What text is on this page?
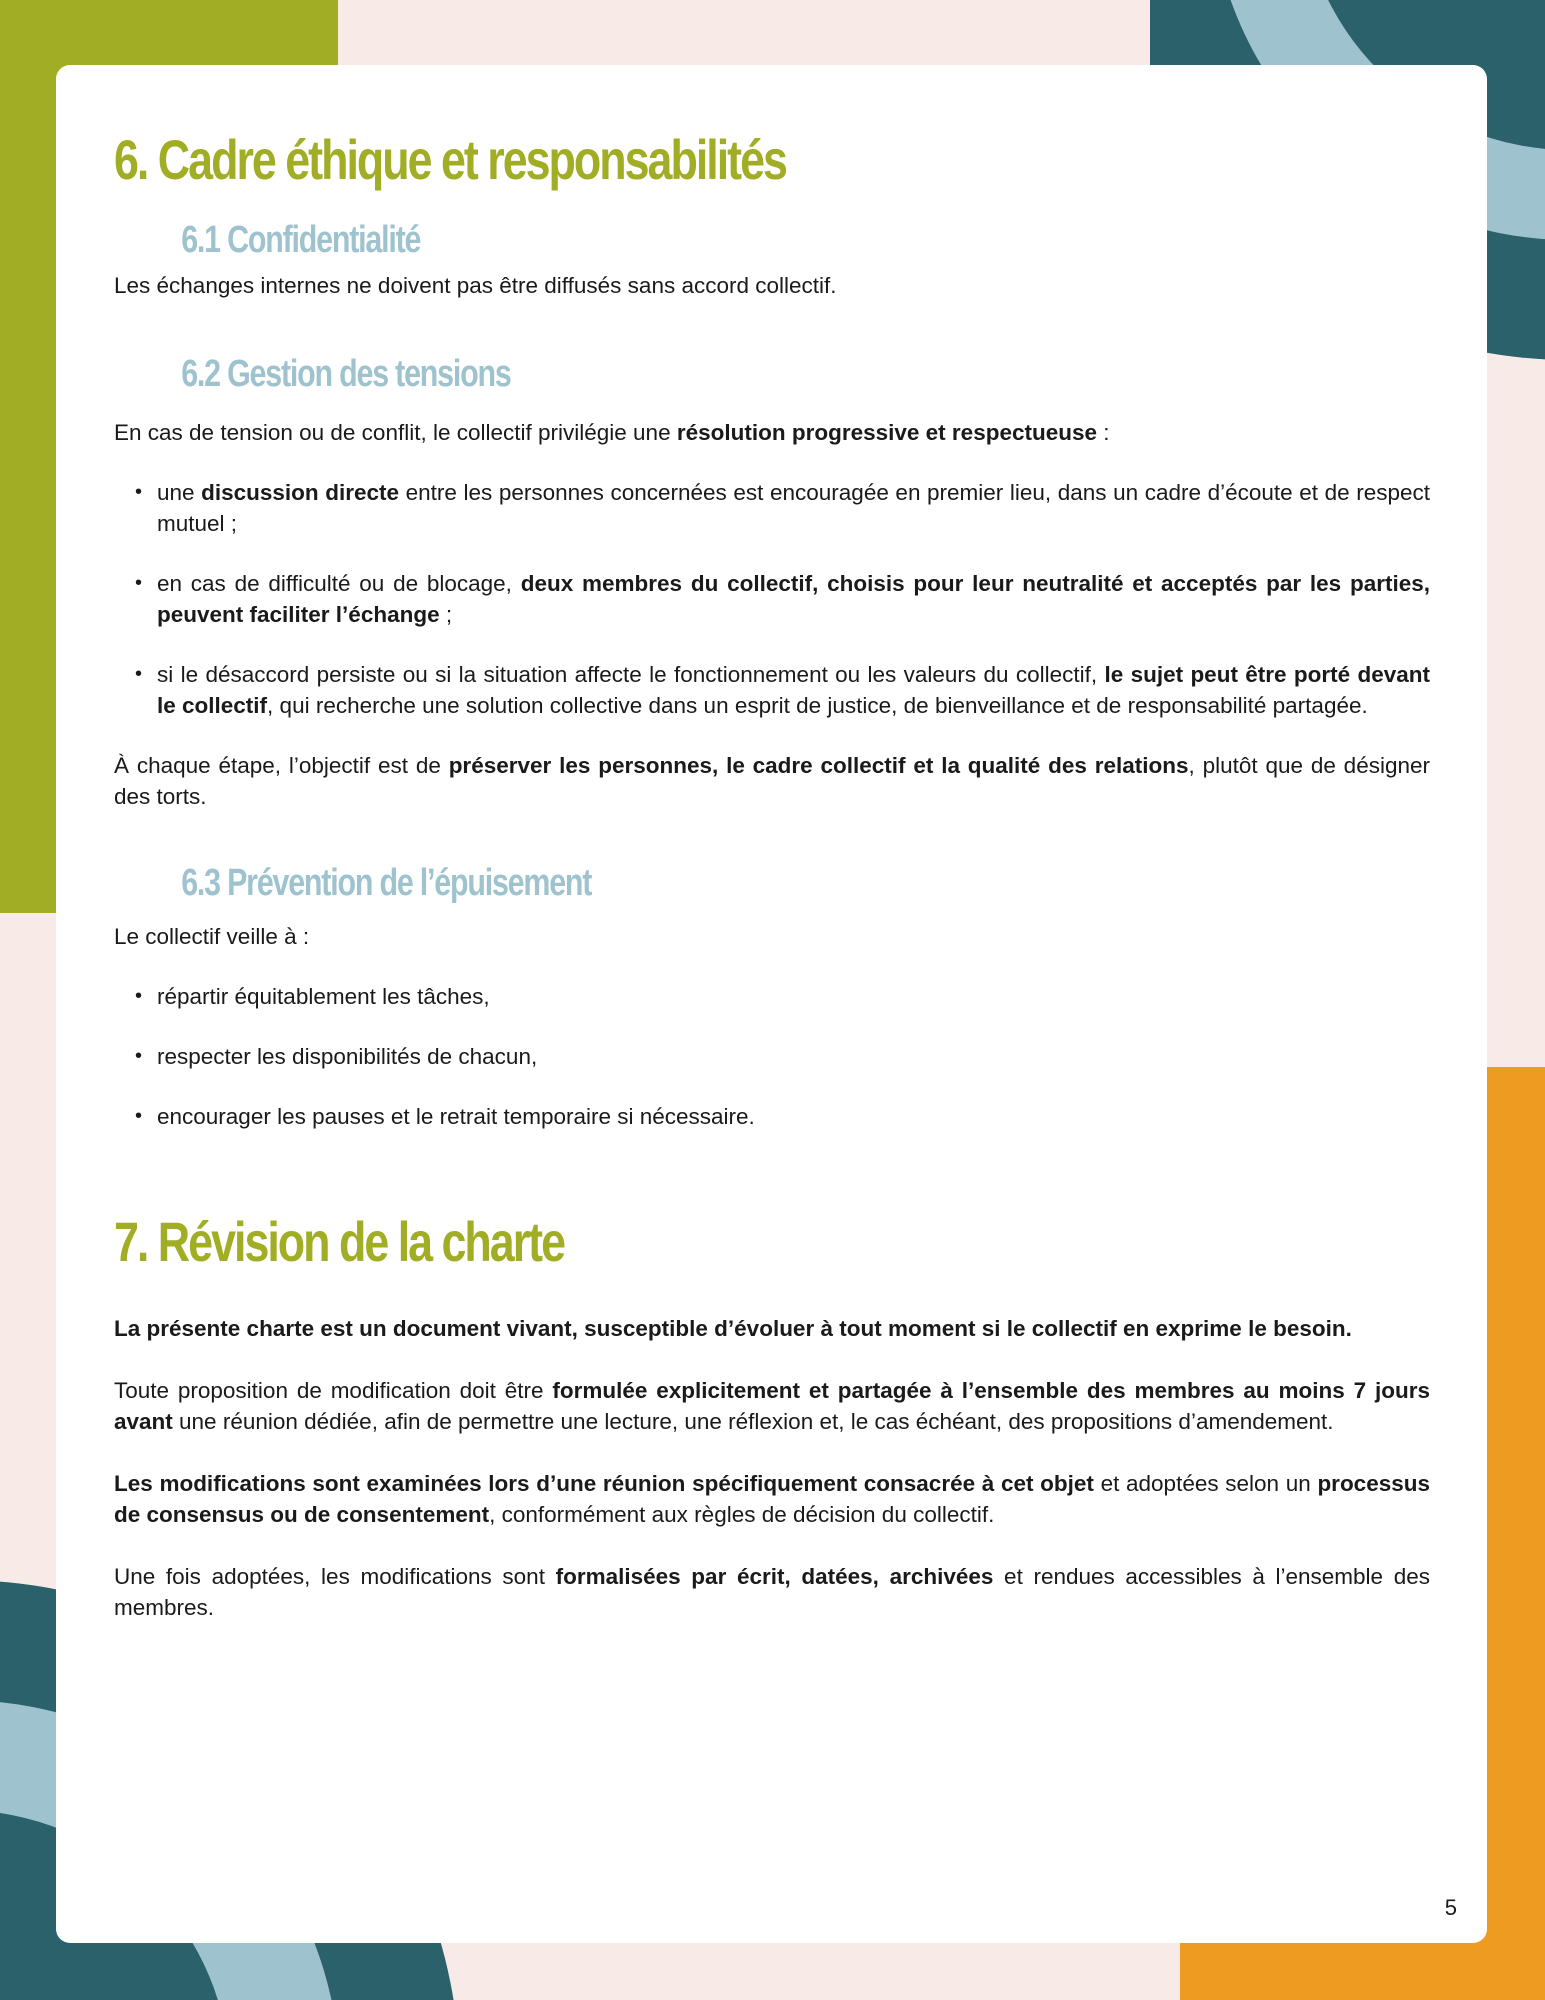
6. Cadre éthique et responsabilités
6.1 Confidentialité

Les échanges internes ne doivent pas être diffusés sans accord collectif.

6.2 Gestion des tensions

En cas de tension ou de conflit, le collectif privilégie une résolution progressive et respectueuse :

• une discussion directe entre les personnes concernées est encouragée en premier lieu, dans un cadre d’écoute et de respect mutuel ;
• en cas de difficulté ou de blocage, deux membres du collectif, choisis pour leur neutralité et acceptés par les parties, peuvent faciliter l’échange ;
• si le désaccord persiste ou si la situation affecte le fonctionnement ou les valeurs du collectif, le sujet peut être porté devant le collectif, qui recherche une solution collective dans un esprit de justice, de bienveillance et de responsabilité partagée.

À chaque étape, l’objectif est de préserver les personnes, le cadre collectif et la qualité des relations, plutôt que de désigner des torts.

6.3 Prévention de l’épuisement

Le collectif veille à :

• répartir équitablement les tâches,
• respecter les disponibilités de chacun,
• encourager les pauses et le retrait temporaire si nécessaire.
7. Révision de la charte

La présente charte est un document vivant, susceptible d’évoluer à tout moment si le collectif en exprime le besoin.

Toute proposition de modification doit être formulée explicitement et partagée à l’ensemble des membres au moins 7 jours avant une réunion dédiée, afin de permettre une lecture, une réflexion et, le cas échéant, des propositions d’amendement.

Les modifications sont examinées lors d’une réunion spécifiquement consacrée à cet objet et adoptées selon un processus de consensus ou de consentement, conformément aux règles de décision du collectif.

Une fois adoptées, les modifications sont formalisées par écrit, datées, archivées et rendues accessibles à l’ensemble des membres.

5
